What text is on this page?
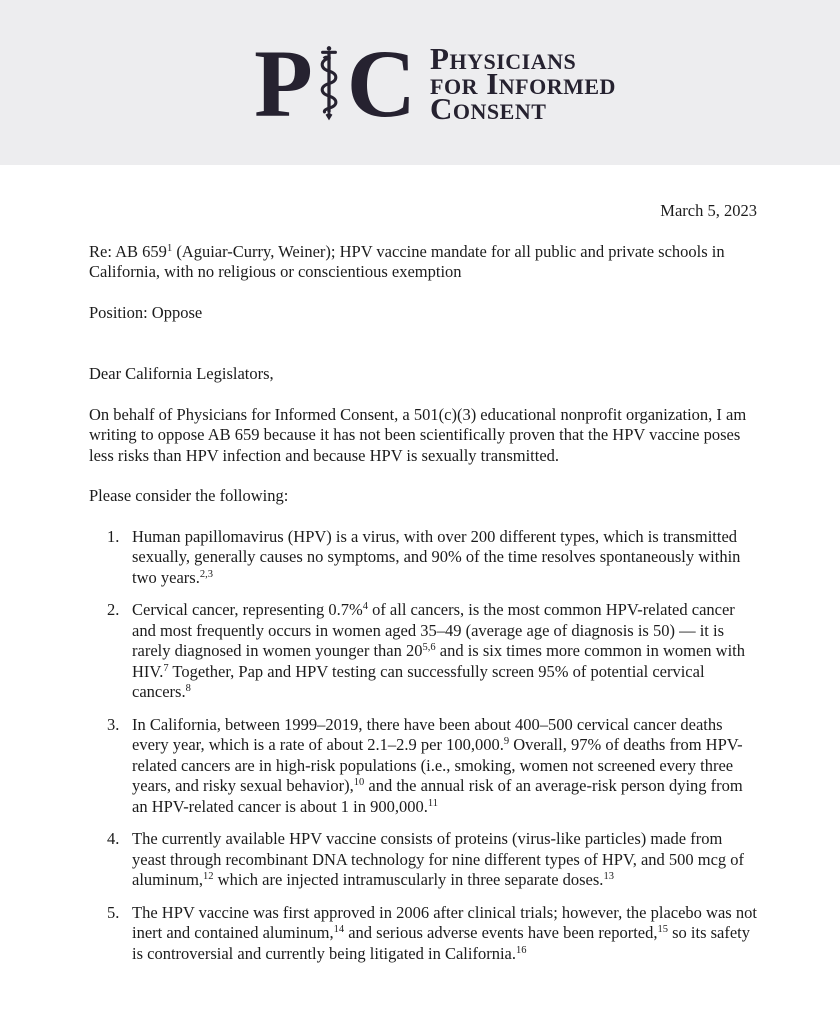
P C Physicians
for Informed
Consent

March 5, 2023

Re: AB $659^1$ (Aguiar-Curry, Weiner); HPV vaccine mandate for all public and private schools in California, with no religious or conscientious exemption

Position: Oppose

Dear California Legislators,

On behalf of Physicians for Informed Consent, a 501(c)(3) educational nonprofit organization, I am writing to oppose AB 659 because it has not been scientifically proven that the HPV vaccine poses less risks than HPV infection and because HPV is sexually transmitted.

Please consider the following:

1. Human papillomavirus (HPV) is a virus, with over 200 different types, which is transmitted sexually, generally causes no symptoms, and 90% of the time resolves spontaneously within two years.$^{2,3}$
2. Cervical cancer, representing 0.7%$^4$ of all cancers, is the most common HPV-related cancer and most frequently occurs in women aged 35–49 (average age of diagnosis is 50) — it is rarely diagnosed in women younger than 20$^{5,6}$ and is six times more common in women with HIV.$^7$ Together, Pap and HPV testing can successfully screen 95% of potential cervical cancers.$^8$
3. In California, between 1999–2019, there have been about 400–500 cervical cancer deaths every year, which is a rate of about 2.1–2.9 per 100,000.$^9$ Overall, 97% of deaths from HPV-related cancers are in high-risk populations (i.e., smoking, women not screened every three years, and risky sexual behavior),$^{10}$ and the annual risk of an average-risk person dying from an HPV-related cancer is about 1 in 900,000.11
4. The currently available HPV vaccine consists of proteins (virus-like particles) made from yeast through recombinant DNA technology for nine different types of HPV, and 500 mcg of aluminum,$^{12}$ which are injected intramuscularly in three separate doses.$^{13}$
5. The HPV vaccine was first approved in 2006 after clinical trials; however, the placebo was not inert and contained aluminum,$^{14}$ and serious adverse events have been reported,$^{15}$ so its safety is controversial and currently being litigated in California.$^{16}$
